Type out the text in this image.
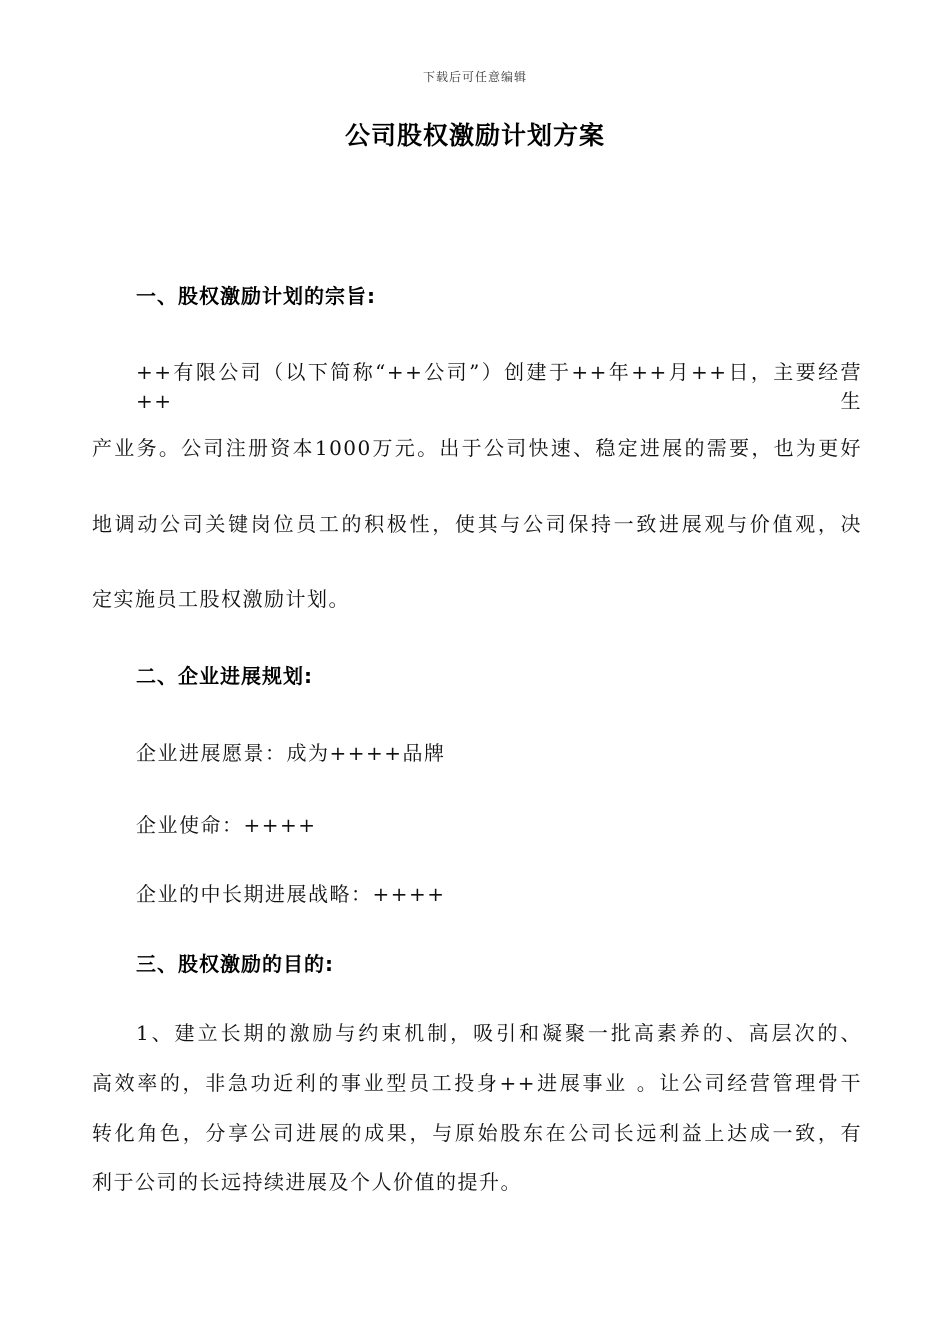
下载后可任意编辑
公司股权激励计划方案
一、股权激励计划的宗旨:
++有限公司（以下简称“++公司”）创建于++年++月++日，主要经营++生
产业务。公司注册资本1000万元。出于公司快速、稳定进展的需要，也为更好
地调动公司关键岗位员工的积极性，使其与公司保持一致进展观与价值观，决
定实施员工股权激励计划。
二、企业进展规划:
企业进展愿景：成为++++品牌
企业使命：++++
企业的中长期进展战略：++++
三、股权激励的目的:
1、建立长期的激励与约束机制，吸引和凝聚一批高素养的、高层次的、
高效率的，非急功近利的事业型员工投身++进展事业 。让公司经营管理骨干
转化角色，分享公司进展的成果，与原始股东在公司长远利益上达成一致，有
利于公司的长远持续进展及个人价值的提升。
